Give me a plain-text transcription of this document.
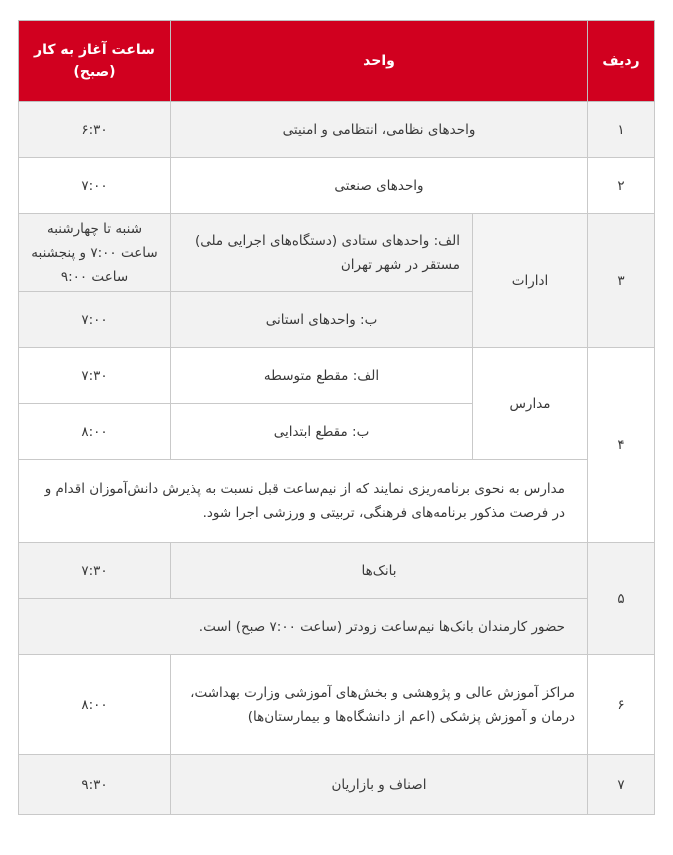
ردیف	واحد		ساعت آغاز به کار (صبح)
۱	واحدهای نظامی، انتظامی و امنیتی		۶:۳۰
۲	واحدهای صنعتی		۷:۰۰
۳	ادارات	الف: واحدهای ستادی (دستگاه‌های اجرایی ملی) مستقر در شهر تهران	شنبه تا چهارشنبه ساعت ۷:۰۰ و پنجشنبه ساعت ۹:۰۰
		ب: واحدهای استانی	۷:۰۰
۴	مدارس	الف: مقطع متوسطه	۷:۳۰
		ب: مقطع ابتدایی	۸:۰۰
	مدارس به نحوی برنامه‌ریزی نمایند که از نیم‌ساعت قبل نسبت به پذیرش دانش‌آموزان اقدام و در فرصت مذکور برنامه‌های فرهنگی، تربیتی و ورزشی اجرا شود.		
۵	بانک‌ها		۷:۳۰
	حضور کارمندان بانک‌ها نیم‌ساعت زودتر (ساعت ۷:۰۰ صبح) است.		
۶	مراکز آموزش عالی و پژوهشی و بخش‌های آموزشی وزارت بهداشت، درمان و آموزش پزشکی (اعم از دانشگاه‌ها و بیمارستان‌ها)		۸:۰۰
۷	اصناف و بازاریان		۹:۳۰
